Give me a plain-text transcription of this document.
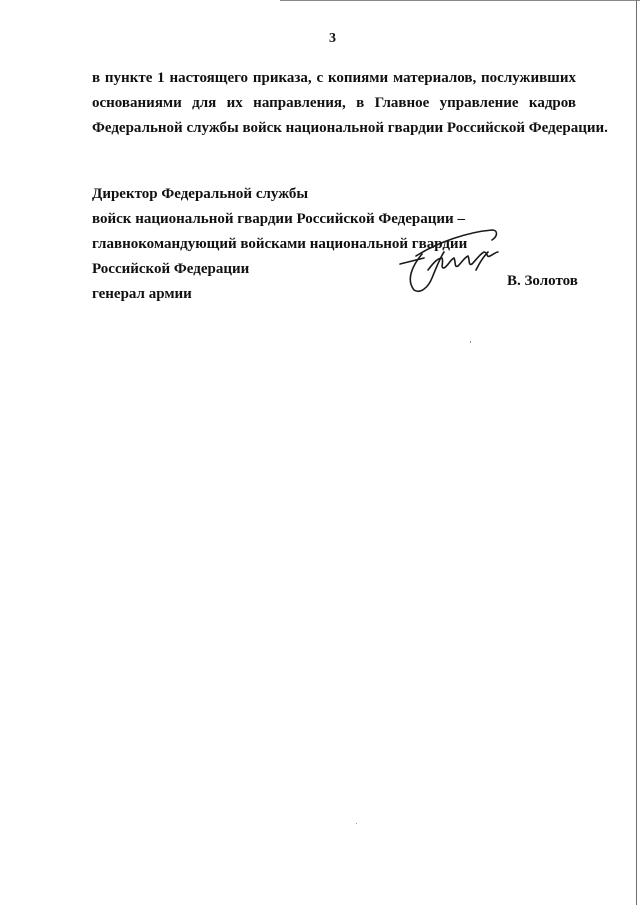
3
в пункте 1 настоящего приказа, с копиями материалов, послуживших
основаниями для их направления, в Главное управление кадров
Федеральной службы войск национальной гвардии Российской Федерации.
Директор Федеральной службы
войск национальной гвардии Российской Федерации –
главнокомандующий войсками национальной гвардии
Российской Федерации
генерал армии
В. Золотов
